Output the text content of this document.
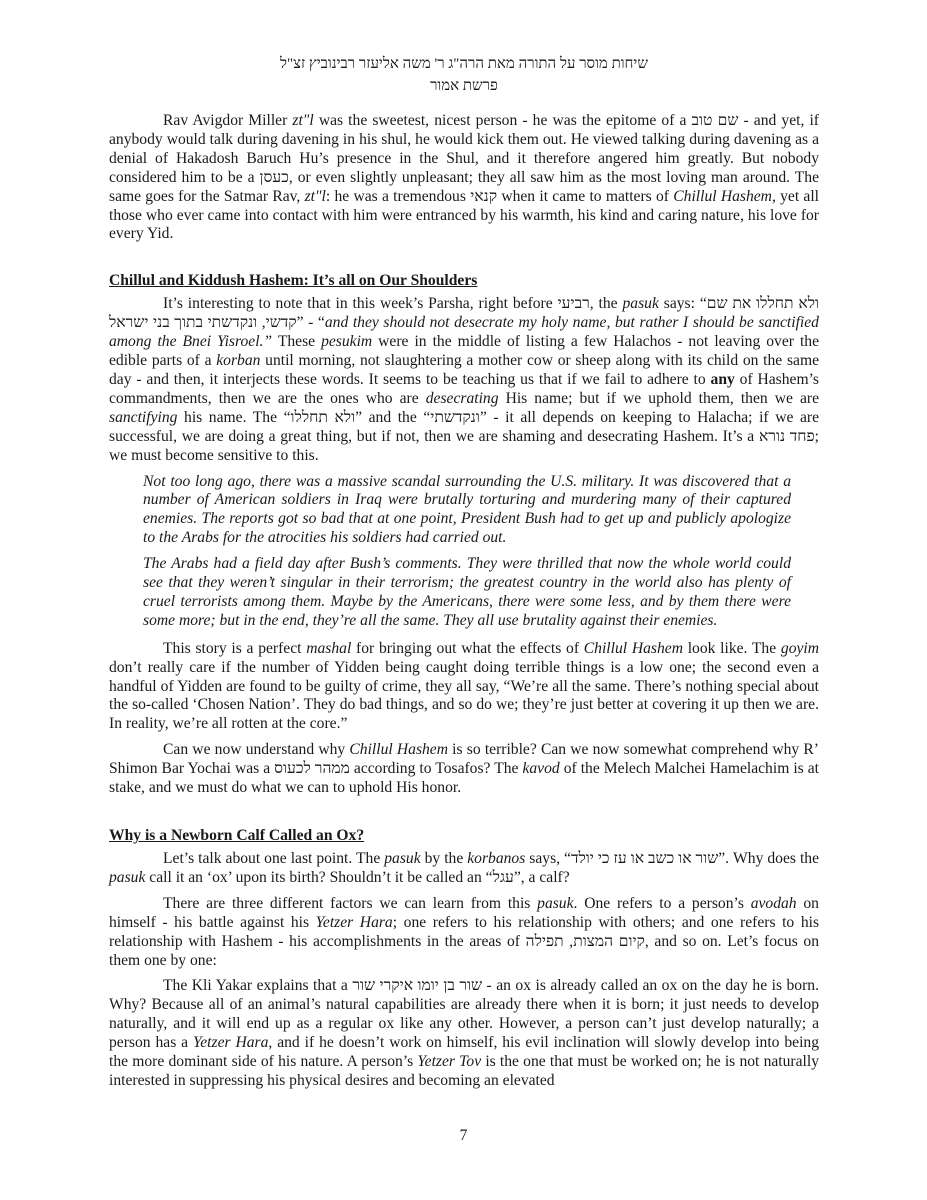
שיחות מוסר על התורה מאת הרה"ג ר' משה אליעזר רבינוביץ זצ"ל
פרשת אמור

Rav Avigdor Miller zt"l was the sweetest, nicest person - he was the epitome of a שם טוב - and yet, if anybody would talk during davening in his shul, he would kick them out. He viewed talking during davening as a denial of Hakadosh Baruch Hu’s presence in the Shul, and it therefore angered him greatly. But nobody considered him to be a כעסן, or even slightly unpleasant; they all saw him as the most loving man around. The same goes for the Satmar Rav, zt"l: he was a tremendous קנאי when it came to matters of Chillul Hashem, yet all those who ever came into contact with him were entranced by his warmth, his kind and caring nature, his love for every Yid.

Chillul and Kiddush Hashem: It’s all on Our Shoulders

It’s interesting to note that in this week’s Parsha, right before רביעי, the pasuk says: “ולא תחללו את שם קדשי, ונקדשתי בתוך בני ישראל” - “and they should not desecrate my holy name, but rather I should be sanctified among the Bnei Yisroel.” These pesukim were in the middle of listing a few Halachos - not leaving over the edible parts of a korban until morning, not slaughtering a mother cow or sheep along with its child on the same day - and then, it interjects these words. It seems to be teaching us that if we fail to adhere to any of Hashem’s commandments, then we are the ones who are desecrating His name; but if we uphold them, then we are sanctifying his name. The “ולא תחללו” and the “ונקדשתי” - it all depends on keeping to Halacha; if we are successful, we are doing a great thing, but if not, then we are shaming and desecrating Hashem. It’s a פחד נורא; we must become sensitive to this.

Not too long ago, there was a massive scandal surrounding the U.S. military. It was discovered that a number of American soldiers in Iraq were brutally torturing and murdering many of their captured enemies. The reports got so bad that at one point, President Bush had to get up and publicly apologize to the Arabs for the atrocities his soldiers had carried out.

The Arabs had a field day after Bush’s comments. They were thrilled that now the whole world could see that they weren’t singular in their terrorism; the greatest country in the world also has plenty of cruel terrorists among them. Maybe by the Americans, there were some less, and by them there were some more; but in the end, they’re all the same. They all use brutality against their enemies.

This story is a perfect mashal for bringing out what the effects of Chillul Hashem look like. The goyim don’t really care if the number of Yidden being caught doing terrible things is a low one; the second even a handful of Yidden are found to be guilty of crime, they all say, “We’re all the same. There’s nothing special about the so-called ‘Chosen Nation’. They do bad things, and so do we; they’re just better at covering it up then we are. In reality, we’re all rotten at the core.”

Can we now understand why Chillul Hashem is so terrible? Can we now somewhat comprehend why R’ Shimon Bar Yochai was a ממהר לכעוס according to Tosafos? The kavod of the Melech Malchei Hamelachim is at stake, and we must do what we can to uphold His honor.

Why is a Newborn Calf Called an Ox?

Let’s talk about one last point. The pasuk by the korbanos says, “שור או כשב או עז כי יולד”. Why does the pasuk call it an ‘ox’ upon its birth? Shouldn’t it be called an “עגל”, a calf?

There are three different factors we can learn from this pasuk. One refers to a person’s avodah on himself - his battle against his Yetzer Hara; one refers to his relationship with others; and one refers to his relationship with Hashem - his accomplishments in the areas of קיום המצות, תפילה, and so on. Let’s focus on them one by one:

The Kli Yakar explains that a שור בן יומו איקרי שור - an ox is already called an ox on the day he is born. Why? Because all of an animal’s natural capabilities are already there when it is born; it just needs to develop naturally, and it will end up as a regular ox like any other. However, a person can’t just develop naturally; a person has a Yetzer Hara, and if he doesn’t work on himself, his evil inclination will slowly develop into being the more dominant side of his nature. A person’s Yetzer Tov is the one that must be worked on; he is not naturally interested in suppressing his physical desires and becoming an elevated

7
